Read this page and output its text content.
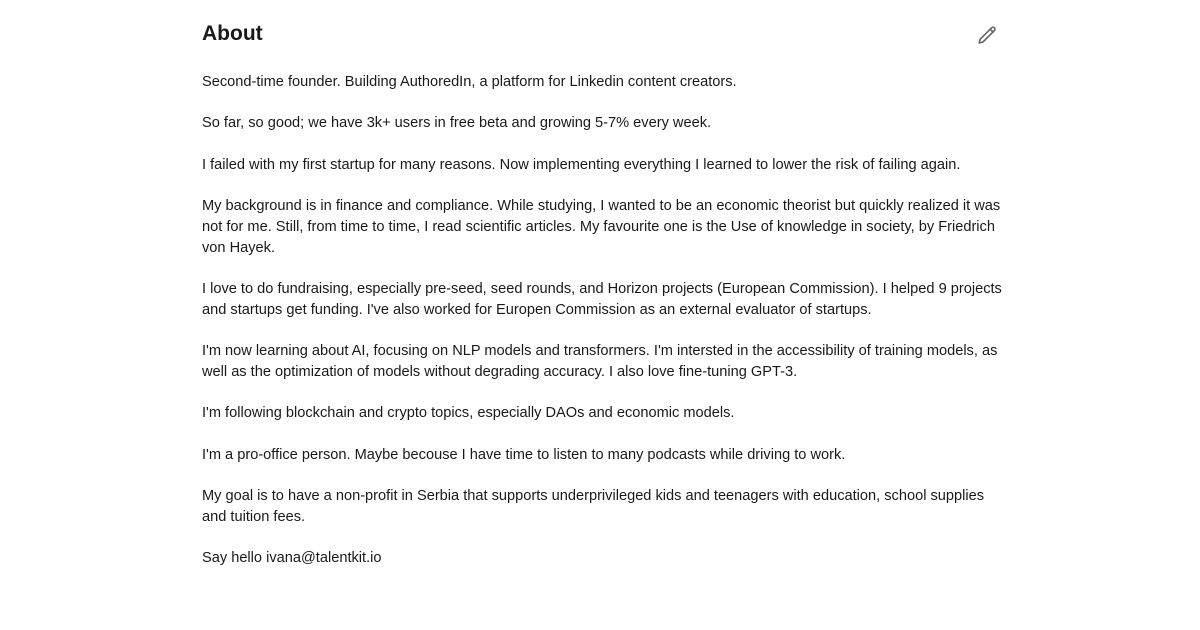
About

Second-time founder. Building AuthoredIn, a platform for Linkedin content creators.

So far, so good; we have 3k+ users in free beta and growing 5-7% every week.

I failed with my first startup for many reasons. Now implementing everything I learned to lower the risk of failing again.

My background is in finance and compliance. While studying, I wanted to be an economic theorist but quickly realized it was not for me. Still, from time to time, I read scientific articles. My favourite one is the Use of knowledge in society, by Friedrich von Hayek.

I love to do fundraising, especially pre-seed, seed rounds, and Horizon projects (European Commission). I helped 9 projects and startups get funding. I've also worked for Europen Commission as an external evaluator of startups.

I'm now learning about AI, focusing on NLP models and transformers. I'm intersted in the accessibility of training models, as well as the optimization of models without degrading accuracy. I also love fine-tuning GPT-3.

I'm following blockchain and crypto topics, especially DAOs and economic models.

I'm a pro-office person. Maybe becouse I have time to listen to many podcasts while driving to work.

My goal is to have a non-profit in Serbia that supports underprivileged kids and teenagers with education, school supplies and tuition fees.

Say hello ivana@talentkit.io
